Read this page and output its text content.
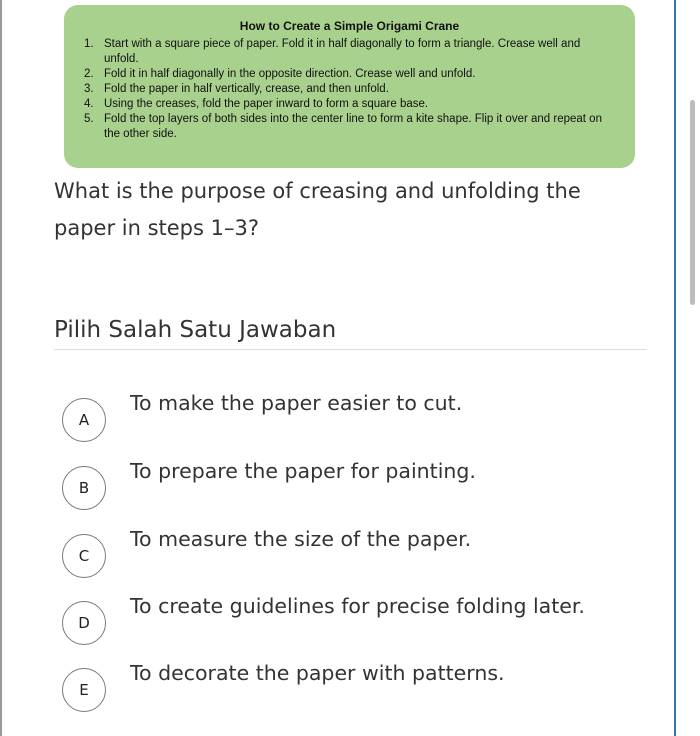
How to Create a Simple Origami Crane
1. Start with a square piece of paper. Fold it in half diagonally to form a triangle. Crease well and unfold.
2. Fold it in half diagonally in the opposite direction. Crease well and unfold.
3. Fold the paper in half vertically, crease, and then unfold.
4. Using the creases, fold the paper inward to form a square base.
5. Fold the top layers of both sides into the center line to form a kite shape. Flip it over and repeat on the other side.
What is the purpose of creasing and unfolding the paper in steps 1–3?
Pilih Salah Satu Jawaban
A
To make the paper easier to cut.
B
To prepare the paper for painting.
C
To measure the size of the paper.
D
To create guidelines for precise folding later.
E
To decorate the paper with patterns.
